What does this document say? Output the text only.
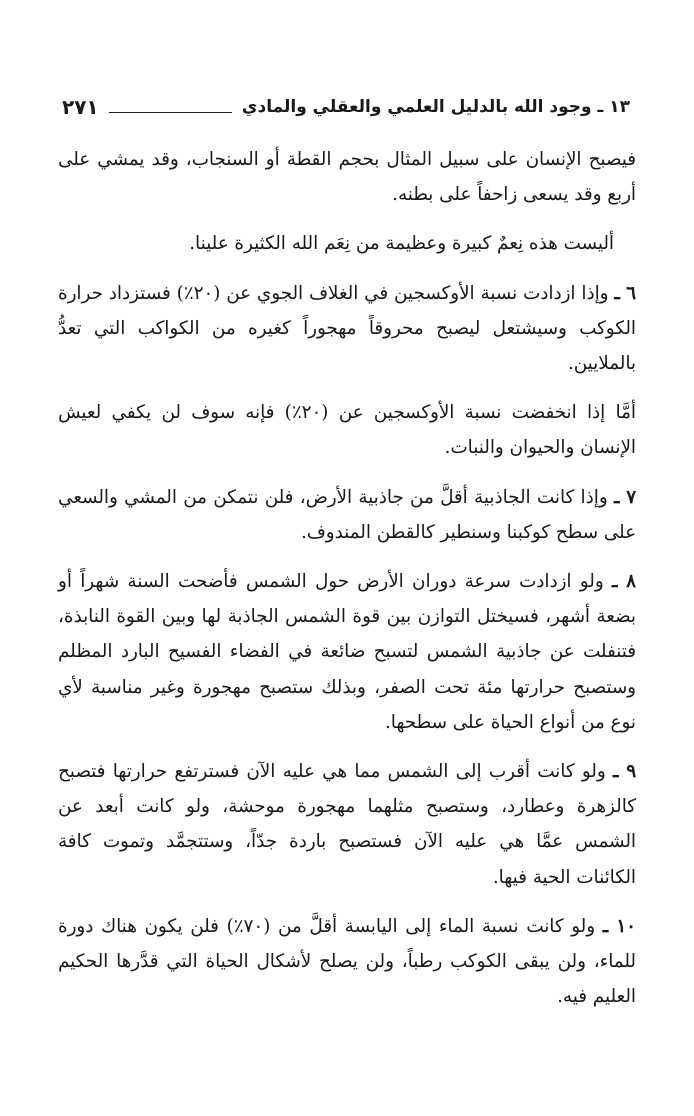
١٣ ـ وجود الله بالدليل العلمي والعقلي والمادي
٢٧١

فيصبح الإنسان على سبيل المثال بحجم القطة أو السنجاب، وقد يمشي على أربع وقد يسعى زاحفاً على بطنه.

أليست هذه نِعمٌ كبيرة وعظيمة من نِعَم الله الكثيرة علينا.

٦ ـ وإذا ازدادت نسبة الأوكسجين في الغلاف الجوي عن (٢٠٪) فستزداد حرارة الكوكب وسيشتعل ليصبح محروقاً مهجوراً كغيره من الكواكب التي تعدُّ بالملايين.

أمَّا إذا انخفضت نسبة الأوكسجين عن (٢٠٪) فإنه سوف لن يكفي لعيش الإنسان والحيوان والنبات.

٧ ـ وإذا كانت الجاذبية أقلَّ من جاذبية الأرض، فلن نتمكن من المشي والسعي على سطح كوكبنا وسنطير كالقطن المندوف.

٨ ـ ولو ازدادت سرعة دوران الأرض حول الشمس فأضحت السنة شهراً أو بضعة أشهر، فسيختل التوازن بين قوة الشمس الجاذبة لها وبين القوة النابذة، فتنفلت عن جاذبية الشمس لتسبح ضائعة في الفضاء الفسيح البارد المظلم وستصبح حرارتها مئة تحت الصفر، وبذلك ستصبح مهجورة وغير مناسبة لأي نوع من أنواع الحياة على سطحها.

٩ ـ ولو كانت أقرب إلى الشمس مما هي عليه الآن فسترتفع حرارتها فتصبح كالزهرة وعطارد، وستصبح مثلهما مهجورة موحشة، ولو كانت أبعد عن الشمس عمَّا هي عليه الآن فستصبح باردة جدّاً، وستتجمَّد وتموت كافة الكائنات الحية فيها.

١٠ ـ ولو كانت نسبة الماء إلى اليابسة أقلَّ من (٧٠٪) فلن يكون هناك دورة للماء، ولن يبقى الكوكب رطباً، ولن يصلح لأشكال الحياة التي قدَّرها الحكيم العليم فيه.
